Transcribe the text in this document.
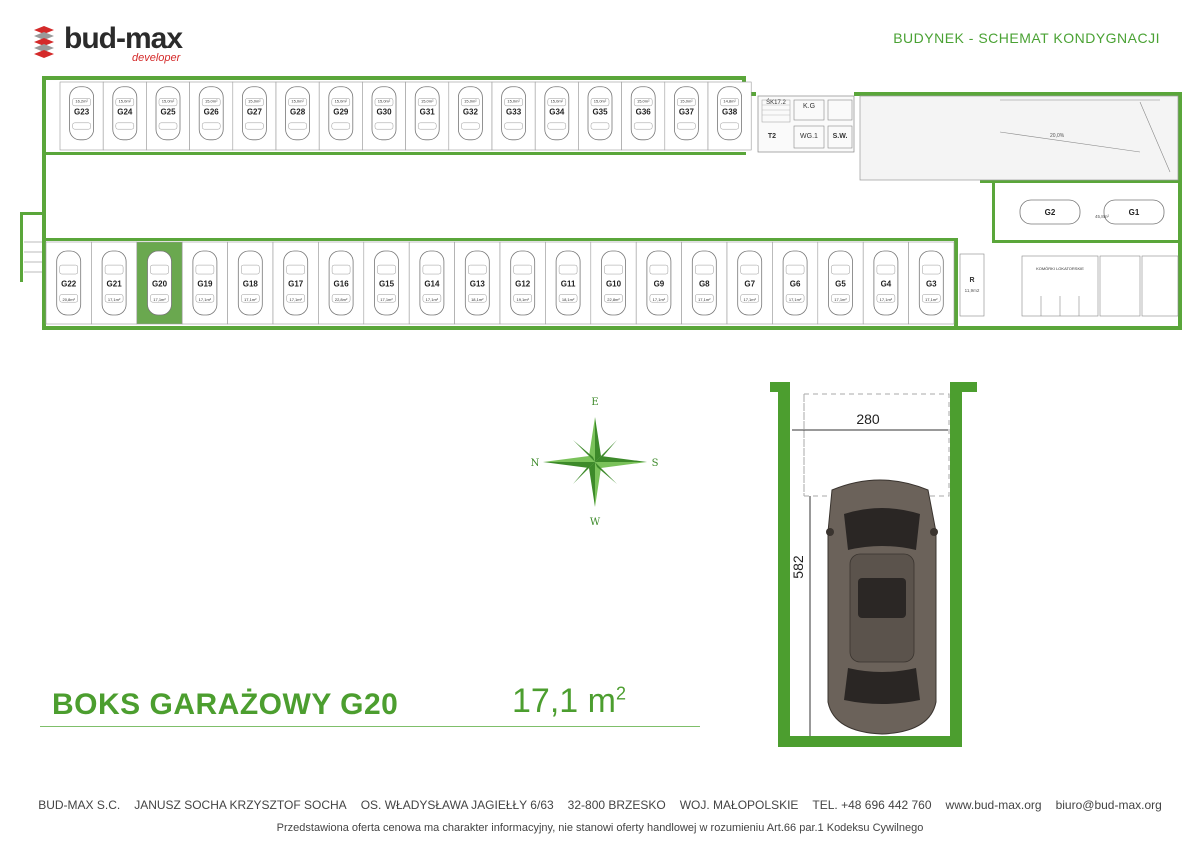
bud-max
developer
BUDYNEK - SCHEMAT KONDYGNACJI
20,0%
ŚK17.2 K.G
WG.1 S.W.
T2
R
11,9m2
KOMÓRKI LOKATORSKIE
G23
16,2m²
G24
15,0m²
G25
15,0m²
G26
15,0m²
G27
15,0m²
G28
15,0m²
G29
15,0m²
G30
15,0m²
G31
15,0m²
G32
15,0m²
G33
15,0m²
G34
15,0m²
G35
15,0m²
G36
15,0m²
G37
15,0m²
G38
14,8m²
G22
20,8m²
G21
17,1m²
G20
17,1m²
G19
17,1m²
G18
17,1m²
G17
17,1m²
G16
22,8m²
G15
17,1m²
G14
17,1m²
G13
18,1m²
G12
19,1m²
G11
18,1m²
G10
22,8m²
G9
17,1m²
G8
17,1m²
G7
17,1m²
G6
17,1m²
G5
17,1m²
G4
17,1m²
G3
17,1m²
G2	G1
45,8m²
E
N	S
W
280
582
BOKS GARAŻOWY G20	17,1 $m^2$
BUD-MAX S.C. JANUSZ SOCHA KRZYSZTOF SOCHA OS. WŁADYSŁAWA JAGIEŁŁY 6/63 32-800 BRZESKO WOJ. MAŁOPOLSKIE TEL. +48 696 442 760 www.bud-max.org biuro@bud-max.org
Przedstawiona oferta cenowa ma charakter informacyjny, nie stanowi oferty handlowej w rozumieniu Art.66 par.1 Kodeksu Cywilnego
